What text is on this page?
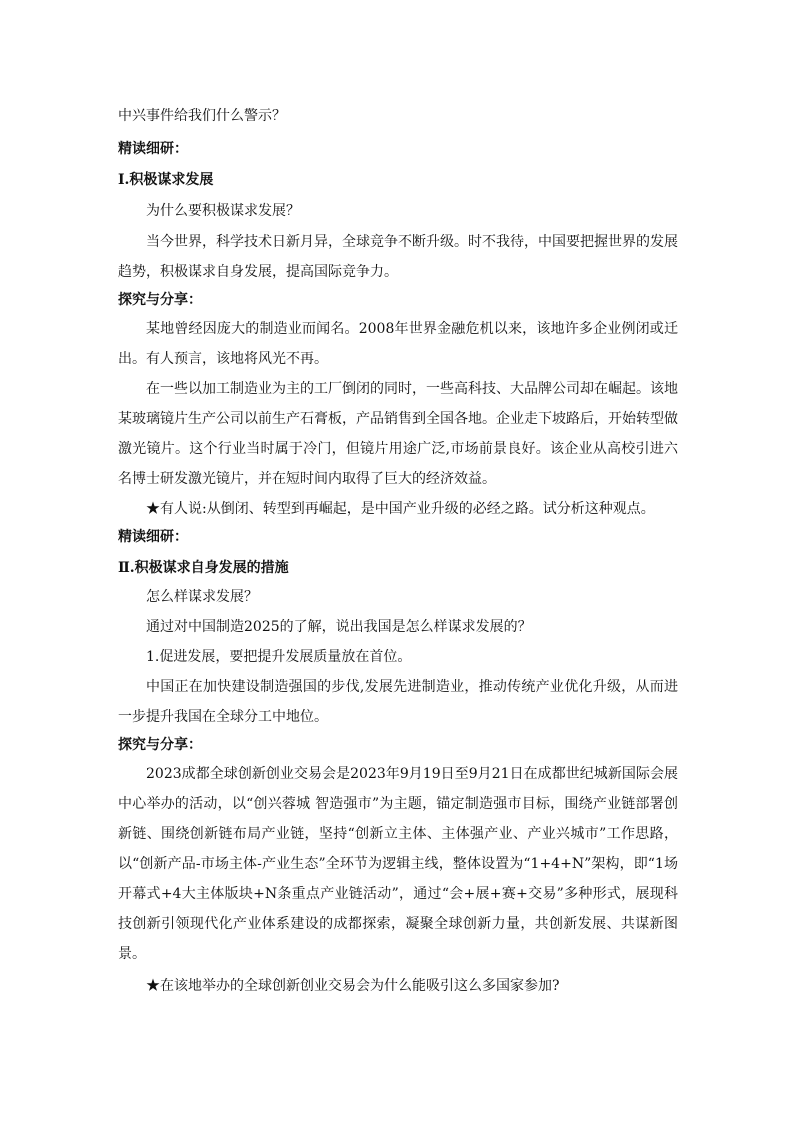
中兴事件给我们什么警示？

精读细研：

Ⅰ.积极谋求发展

为什么要积极谋求发展？

当今世界，科学技术日新月异，全球竞争不断升级。时不我待，中国要把握世界的发展趋势，积极谋求自身发展，提高国际竞争力。

探究与分享：

某地曾经因庞大的制造业而闻名。2008年世界金融危机以来，该地许多企业例闭或迁出。有人预言，该地将风光不再。

在一些以加工制造业为主的工厂倒闭的同时，一些高科技、大品牌公司却在崛起。该地某玻璃镜片生产公司以前生产石膏板，产品销售到全国各地。企业走下坡路后，开始转型做激光镜片。这个行业当时属于冷门，但镜片用途广泛,市场前景良好。该企业从高校引进六名博士研发激光镜片，并在短时间内取得了巨大的经济效益。

★有人说:从倒闭、转型到再崛起，是中国产业升级的必经之路。试分析这种观点。

精读细研：

Ⅱ.积极谋求自身发展的措施

怎么样谋求发展？

通过对中国制造2025的了解，说出我国是怎么样谋求发展的？

1.促进发展，要把提升发展质量放在首位。

中国正在加快建设制造强国的步伐,发展先进制造业，推动传统产业优化升级，从而进一步提升我国在全球分工中地位。

探究与分享：

2023成都全球创新创业交易会是2023年9月19日至9月21日在成都世纪城新国际会展中心举办的活动，以“创兴蓉城 智造强市”为主题，锚定制造强市目标，围绕产业链部署创新链、围绕创新链布局产业链，坚持“创新立主体、主体强产业、产业兴城市”工作思路，以“创新产品-市场主体-产业生态”全环节为逻辑主线，整体设置为“1+4+N”架构，即“1场开幕式+4大主体版块+N条重点产业链活动”，通过“会+展+赛+交易”多种形式，展现科技创新引领现代化产业体系建设的成都探索，凝聚全球创新力量，共创新发展、共谋新图景。

★在该地举办的全球创新创业交易会为什么能吸引这么多国家参加?
